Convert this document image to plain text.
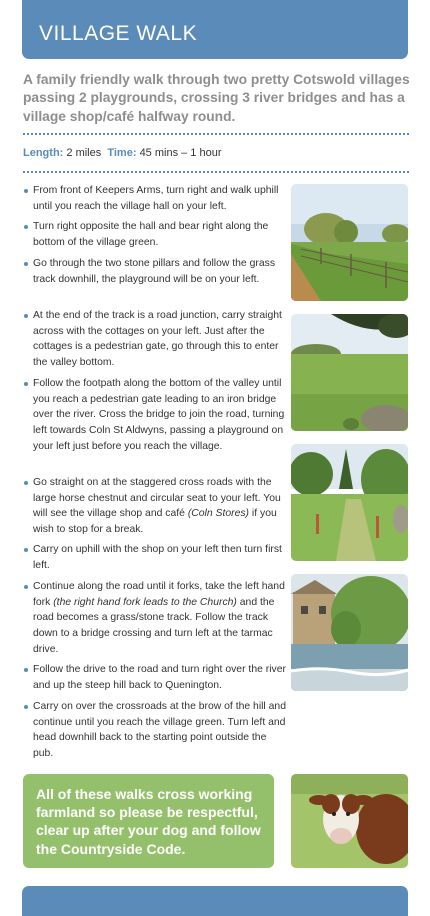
VILLAGE WALK
A family friendly walk through two pretty Cotswold villages passing 2 playgrounds, crossing 3 river bridges and has a village shop/café halfway round.
Length: 2 miles Time: 45 mins – 1 hour
From front of Keepers Arms, turn right and walk uphill until you reach the village hall on your left.
Turn right opposite the hall and bear right along the bottom of the village green.
Go through the two stone pillars and follow the grass track downhill, the playground will be on your left.
At the end of the track is a road junction, carry straight across with the cottages on your left. Just after the cottages is a pedestrian gate, go through this to enter the valley bottom.
Follow the footpath along the bottom of the valley until you reach a pedestrian gate leading to an iron bridge over the river. Cross the bridge to join the road, turning left towards Coln St Aldwyns, passing a playground on your left just before you reach the village.
Go straight on at the staggered cross roads with the large horse chestnut and circular seat to your left. You will see the village shop and café (Coln Stores) if you wish to stop for a break.
Carry on uphill with the shop on your left then turn first left.
Continue along the road until it forks, take the left hand fork (the right hand fork leads to the Church) and the road becomes a grass/stone track. Follow the track down to a bridge crossing and turn left at the tarmac drive.
Follow the drive to the road and turn right over the river and up the steep hill back to Quenington.
Carry on over the crossroads at the brow of the hill and continue until you reach the village green. Turn left and head downhill back to the starting point outside the pub.
All of these walks cross working farmland so please be respectful, clear up after your dog and follow the Countryside Code.
